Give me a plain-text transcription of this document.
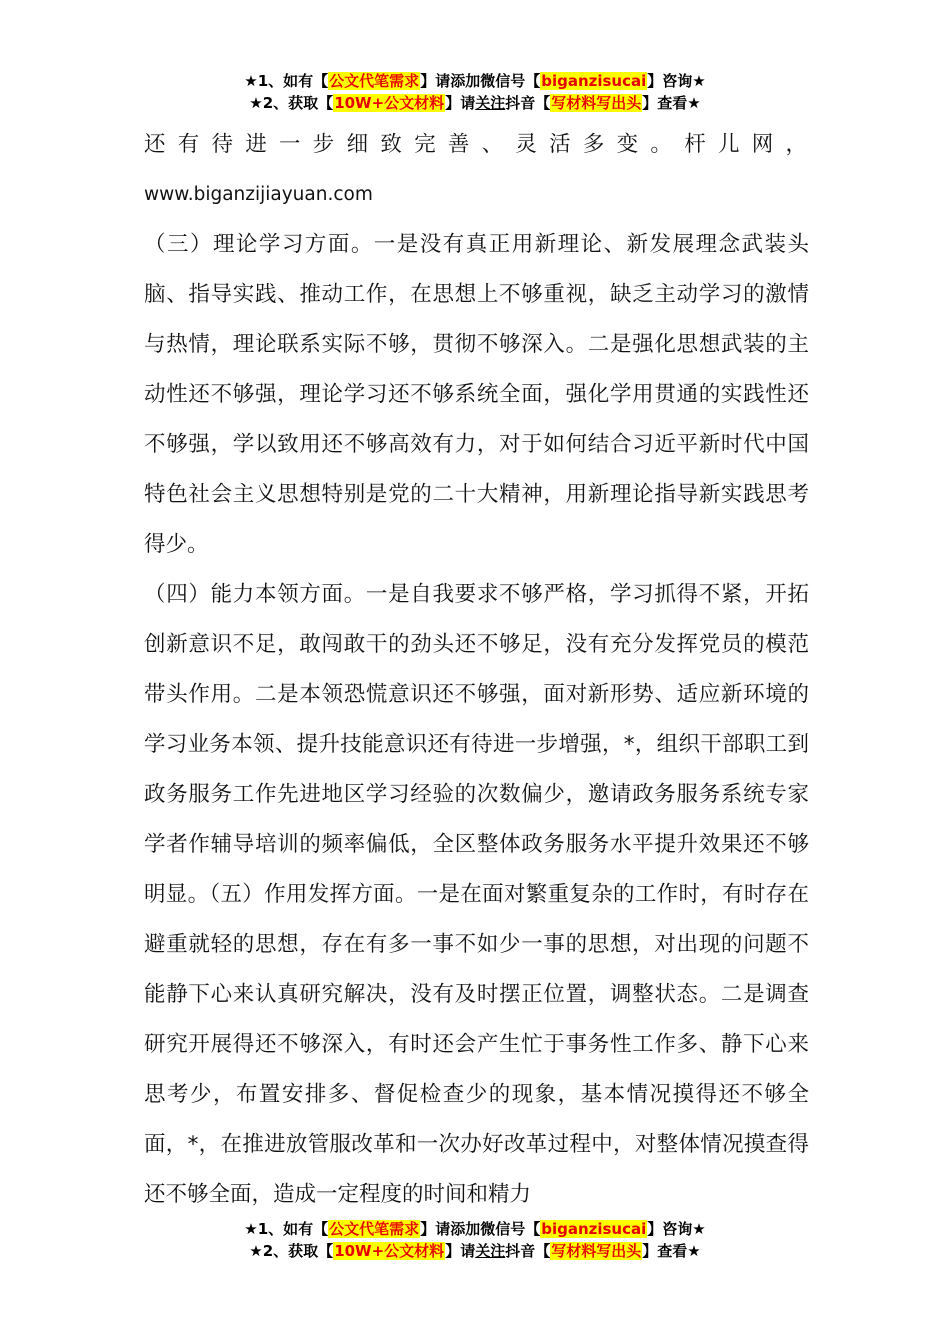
★1、如有【公文代笔需求】请添加微信号【biganzisucai】咨询★
★2、获取【10W+公文材料】请关注抖音【写材料写出头】查看★

还有待进一步细致完善、灵活多变。杆儿网，

www.biganzijiayuan.com

（三）理论学习方面。一是没有真正用新理论、新发展理念武装头脑、指导实践、推动工作，在思想上不够重视，缺乏主动学习的激情与热情，理论联系实际不够，贯彻不够深入。二是强化思想武装的主动性还不够强，理论学习还不够系统全面，强化学用贯通的实践性还不够强，学以致用还不够高效有力，对于如何结合习近平新时代中国特色社会主义思想特别是党的二十大精神，用新理论指导新实践思考得少。

（四）能力本领方面。一是自我要求不够严格，学习抓得不紧，开拓创新意识不足，敢闯敢干的劲头还不够足，没有充分发挥党员的模范带头作用。二是本领恐慌意识还不够强，面对新形势、适应新环境的学习业务本领、提升技能意识还有待进一步增强，*，组织干部职工到政务服务工作先进地区学习经验的次数偏少，邀请政务服务系统专家学者作辅导培训的频率偏低，全区整体政务服务水平提升效果还不够明显。（五）作用发挥方面。一是在面对繁重复杂的工作时，有时存在避重就轻的思想，存在有多一事不如少一事的思想，对出现的问题不能静下心来认真研究解决，没有及时摆正位置，调整状态。二是调查研究开展得还不够深入，有时还会产生忙于事务性工作多、静下心来思考少，布置安排多、督促检查少的现象，基本情况摸得还不够全面，*，在推进放管服改革和一次办好改革过程中，对整体情况摸查得还不够全面，造成一定程度的时间和精力

★1、如有【公文代笔需求】请添加微信号【biganzisucai】咨询★
★2、获取【10W+公文材料】请关注抖音【写材料写出头】查看★
